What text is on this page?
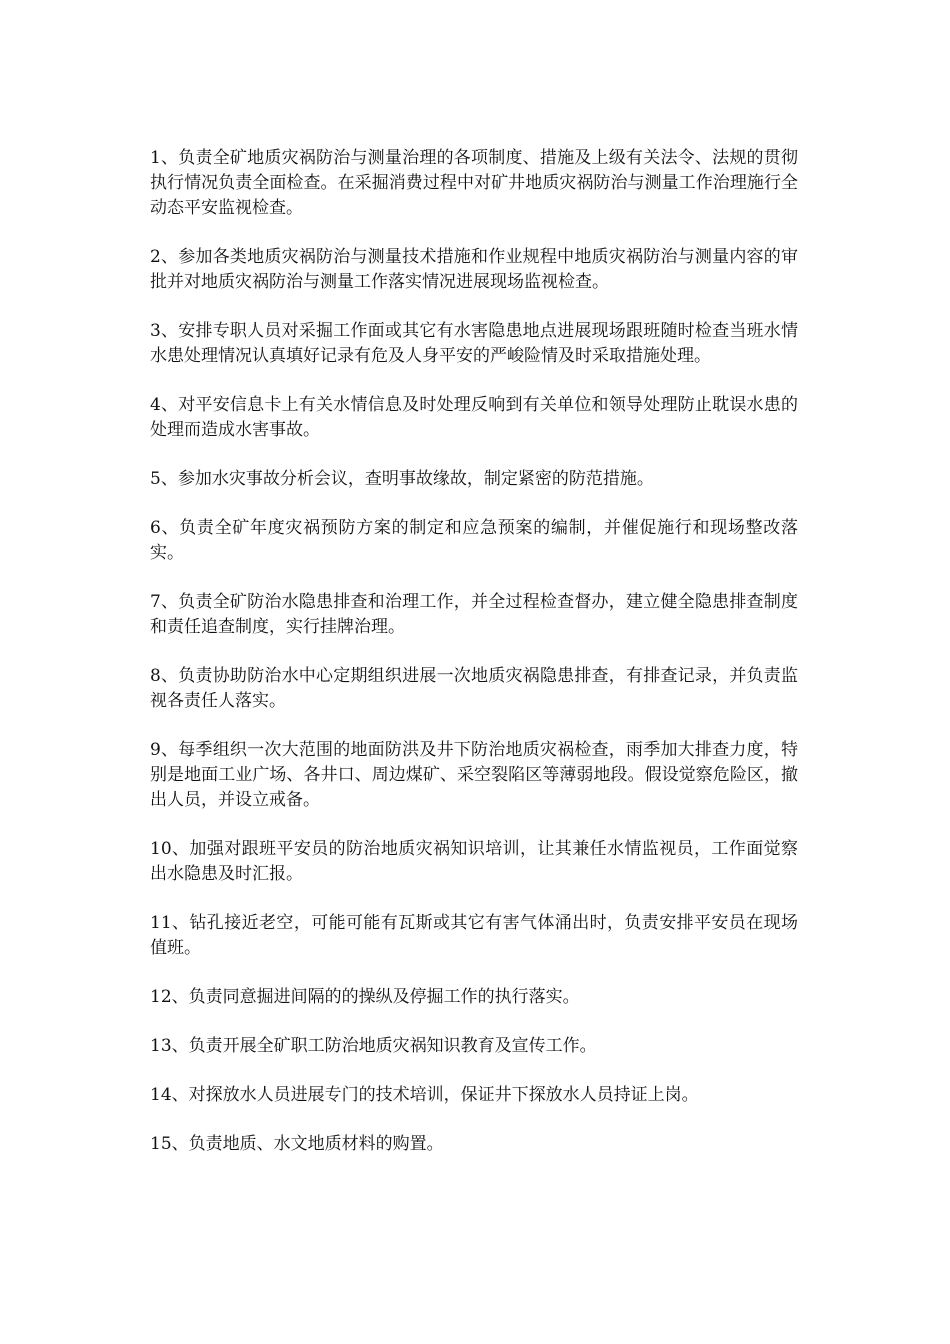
1、负责全矿地质灾祸防治与测量治理的各项制度、措施及上级有关法令、法规的贯彻执行情况负责全面检查。在采掘消费过程中对矿井地质灾祸防治与测量工作治理施行全动态平安监视检查。

2、参加各类地质灾祸防治与测量技术措施和作业规程中地质灾祸防治与测量内容的审批并对地质灾祸防治与测量工作落实情况进展现场监视检查。

3、安排专职人员对采掘工作面或其它有水害隐患地点进展现场跟班随时检查当班水情水患处理情况认真填好记录有危及人身平安的严峻险情及时采取措施处理。

4、对平安信息卡上有关水情信息及时处理反响到有关单位和领导处理防止耽误水患的处理而造成水害事故。

5、参加水灾事故分析会议，查明事故缘故，制定紧密的防范措施。

6、负责全矿年度灾祸预防方案的制定和应急预案的编制，并催促施行和现场整改落实。

7、负责全矿防治水隐患排查和治理工作，并全过程检查督办，建立健全隐患排查制度和责任追查制度，实行挂牌治理。

8、负责协助防治水中心定期组织进展一次地质灾祸隐患排查，有排查记录，并负责监视各责任人落实。

9、每季组织一次大范围的地面防洪及井下防治地质灾祸检查，雨季加大排查力度，特别是地面工业广场、各井口、周边煤矿、采空裂陷区等薄弱地段。假设觉察危险区，撤出人员，并设立戒备。

10、加强对跟班平安员的防治地质灾祸知识培训，让其兼任水情监视员，工作面觉察出水隐患及时汇报。

11、钻孔接近老空，可能可能有瓦斯或其它有害气体涌出时，负责安排平安员在现场值班。

12、负责同意掘进间隔的的操纵及停掘工作的执行落实。

13、负责开展全矿职工防治地质灾祸知识教育及宣传工作。

14、对探放水人员进展专门的技术培训，保证井下探放水人员持证上岗。

15、负责地质、水文地质材料的购置。
